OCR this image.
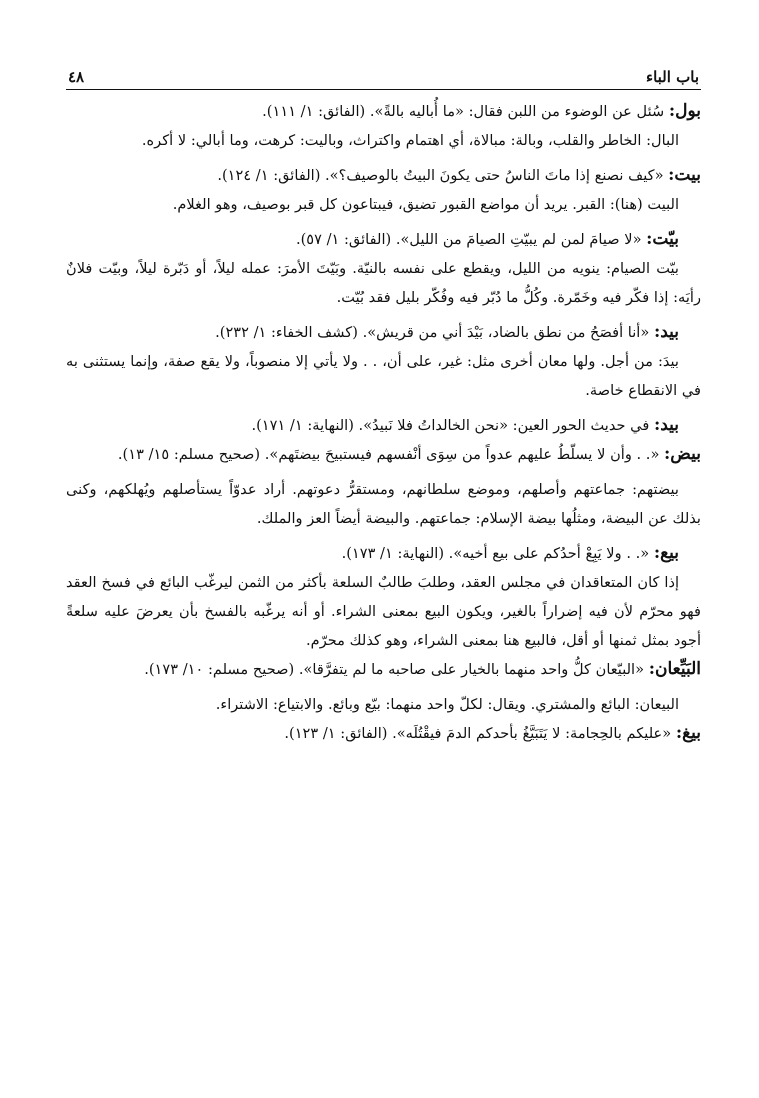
باب الباء
٤٨

بول: سُئل عن الوضوء من اللبن فقال: «ما أُباليه بالةً». (الفائق: ١/ ١١١).

البال: الخاطر والقلب، وبالة: مبالاة، أي اهتمام واكتراث، وباليت: كرهت، وما أبالي: لا أكره.

بيت: «كيف نصنع إذا ماتَ الناسُ حتى يكونَ البيتُ بالوصيف؟». (الفائق: ١/ ١٢٤).

البيت (هنا): القبر. يريد أن مواضع القبور تضيق، فيبتاعون كل قبر بوصيف، وهو الغلام.

بيّت: «لا صيامَ لمن لم يبيّتِ الصيامَ من الليل». (الفائق: ١/ ٥٧).

بيّت الصيام: ينويه من الليل، ويقطع على نفسه بالنيّة. وبَيّتَ الأمرَ: عمله ليلاً، أو دَبّرة ليلاً، وبيّت فلانٌ رأيَه: إذا فكّر فيه وخَمّرة. وكُلُّ ما دُبّر فيه وفُكّر بليل فقد بُيّت.

بيد: «أنا أفصَحُ من نطق بالضاد، بَيْدَ أني من قريش». (كشف الخفاء: ١/ ٢٣٢).

بيدَ: من أجل. ولها معان أخرى مثل: غير، على أن، . . ولا يأتي إلا منصوباً، ولا يقع صفة، وإنما يستثنى به في الانقطاع خاصة.

بيد: في حديث الحور العين: «نحن الخالداتُ فلا نَبيدُ». (النهاية: ١/ ١٧١).

بيض: «. . وأن لا يسلّطُ عليهم عدواً من سِوَى أنْفسهم فيستبيحَ بيضتَهم». (صحيح مسلم: ١٥/ ١٣).

بيضتهم: جماعتهم وأصلهم، وموضع سلطانهم، ومستقرُّ دعوتهم. أراد عدوّاً يستأصلهم ويُهلكهم، وكنى بذلك عن البيضة، ومثلُها بيضة الإسلام: جماعتهم. والبيضة أيضاً العز والملك.

بيع: «. . ولا يَبِعْ أحدُكم على بيع أخيه». (النهاية: ١/ ١٧٣).

إذا كان المتعاقدان في مجلس العقد، وطلبَ طالبٌ السلعة بأكثر من الثمن ليرغّب البائع في فسخ العقد فهو محرّم لأن فيه إضراراً بالغير، ويكون البيع بمعنى الشراء. أو أنه يرغّبه بالفسخ بأن يعرضَ عليه سلعةً أجود بمثل ثمنها أو أقل، فالبيع هنا بمعنى الشراء، وهو كذلك محرّم.

البَيِّعان: «البيّعان كلُّ واحد منهما بالخيار على صاحبه ما لم يتفرَّقا». (صحيح مسلم: ١٠/ ١٧٣).

البيعان: البائع والمشتري. ويقال: لكلّ واحد منهما: بيّع وبائع. والابتياع: الاشتراء.

بيغ: «عليكم بالحِجامة: لا يَتَبَيَّغُ بأحدكم الدمَ فيقْتُلَه». (الفائق: ١/ ١٢٣).
